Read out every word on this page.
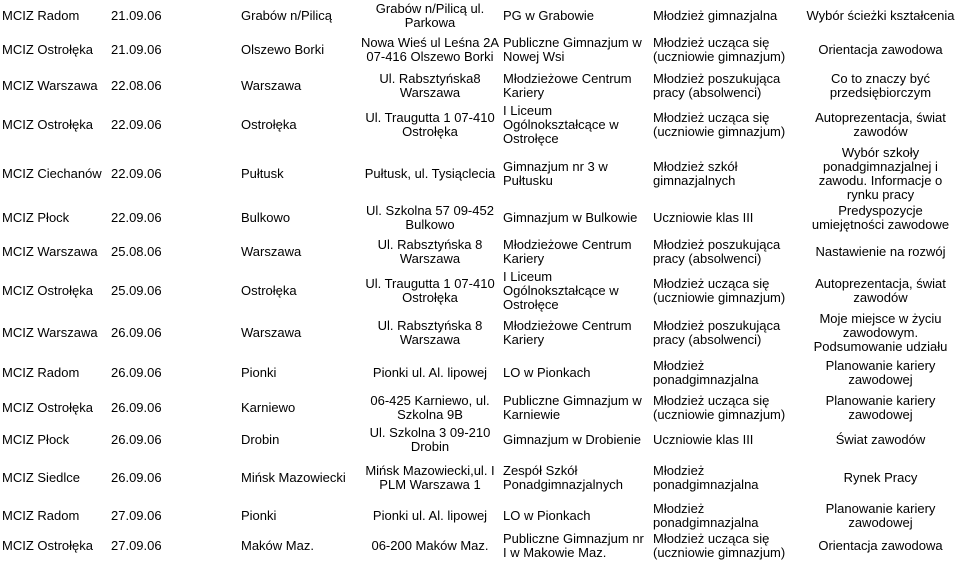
MCIZ Radom	21.09.06	Grabów n/Pilicą	Grabów n/Pilicą ul. Parkowa	PG w Grabowie	Młodzież gimnazjalna	Wybór ścieżki kształcenia
MCIZ Ostrołęka	21.09.06	Olszewo Borki	Nowa Wieś ul Leśna 2A 07-416 Olszewo Borki	Publiczne Gimnazjum w Nowej Wsi	Młodzież ucząca się (uczniowie gimnazjum)	Orientacja zawodowa
MCIZ Warszawa	22.08.06	Warszawa	Ul. Rabsztyńska8 Warszawa	Młodzieżowe Centrum Kariery	Młodzież poszukująca pracy (absolwenci)	Co to znaczy być przedsiębiorczym
MCIZ Ostrołęka	22.09.06	Ostrołęka	Ul. Traugutta 1 07-410 Ostrołęka	I Liceum Ogólnokształcące w Ostrołęce	Młodzież ucząca się (uczniowie gimnazjum)	Autoprezentacja, świat zawodów
MCIZ Ciechanów	22.09.06	Pułtusk	Pułtusk, ul. Tysiąclecia	Gimnazjum nr 3 w Pułtusku	Młodzież szkół gimnazjalnych	Wybór szkoły ponadgimnazjalnej i zawodu. Informacje o rynku pracy
MCIZ Płock	22.09.06	Bulkowo	Ul. Szkolna 57 09-452 Bulkowo	Gimnazjum w Bulkowie	Uczniowie klas III	Predyspozycje umiejętności zawodowe
MCIZ Warszawa	25.08.06	Warszawa	Ul. Rabsztyńska 8 Warszawa	Młodzieżowe Centrum Kariery	Młodzież poszukująca pracy (absolwenci)	Nastawienie na rozwój
MCIZ Ostrołęka	25.09.06	Ostrołęka	Ul. Traugutta 1 07-410 Ostrołęka	I Liceum Ogólnokształcące w Ostrołęce	Młodzież ucząca się (uczniowie gimnazjum)	Autoprezentacja, świat zawodów
MCIZ Warszawa	26.09.06	Warszawa	Ul. Rabsztyńska 8 Warszawa	Młodzieżowe Centrum Kariery	Młodzież poszukująca pracy (absolwenci)	Moje miejsce w życiu zawodowym. Podsumowanie udziału
MCIZ Radom	26.09.06	Pionki	Pionki ul. Al. lipowej	LO w Pionkach	Młodzież ponadgimnazjalna	Planowanie kariery zawodowej
MCIZ Ostrołęka	26.09.06	Karniewo	06-425 Karniewo, ul. Szkolna 9B	Publiczne Gimnazjum w Karniewie	Młodzież ucząca się (uczniowie gimnazjum)	Planowanie kariery zawodowej
MCIZ Płock	26.09.06	Drobin	Ul. Szkolna 3 09-210 Drobin	Gimnazjum w Drobienie	Uczniowie klas III	Świat zawodów
MCIZ Siedlce	26.09.06	Mińsk Mazowiecki	Mińsk Mazowiecki,ul. I PLM Warszawa 1	Zespół Szkół Ponadgimnazjalnych	Młodzież ponadgimnazjalna	Rynek Pracy
MCIZ Radom	27.09.06	Pionki	Pionki ul. Al. lipowej	LO w Pionkach	Młodzież ponadgimnazjalna	Planowanie kariery zawodowej
MCIZ Ostrołęka	27.09.06	Maków Maz.	06-200 Maków Maz.	Publiczne Gimnazjum nr I w Makowie Maz.	Młodzież ucząca się (uczniowie gimnazjum)	Orientacja zawodowa
